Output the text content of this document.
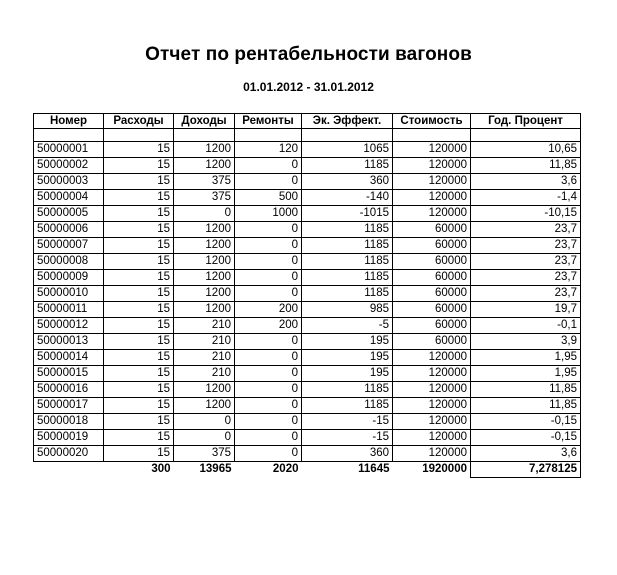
Отчет по рентабельности вагонов
01.01.2012 - 31.01.2012
Номер	Расходы	Доходы	Ремонты	Эк. Эффект.	Стоимость	Год. Процент

50000001	15	1200	120	1065	120000	10,65
50000002	15	1200	0	1185	120000	11,85
50000003	15	375	0	360	120000	3,6
50000004	15	375	500	-140	120000	-1,4
50000005	15	0	1000	-1015	120000	-10,15
50000006	15	1200	0	1185	60000	23,7
50000007	15	1200	0	1185	60000	23,7
50000008	15	1200	0	1185	60000	23,7
50000009	15	1200	0	1185	60000	23,7
50000010	15	1200	0	1185	60000	23,7
50000011	15	1200	200	985	60000	19,7
50000012	15	210	200	-5	60000	-0,1
50000013	15	210	0	195	60000	3,9
50000014	15	210	0	195	120000	1,95
50000015	15	210	0	195	120000	1,95
50000016	15	1200	0	1185	120000	11,85
50000017	15	1200	0	1185	120000	11,85
50000018	15	0	0	-15	120000	-0,15
50000019	15	0	0	-15	120000	-0,15
50000020	15	375	0	360	120000	3,6
	300	13965	2020	11645	1920000	7,278125
